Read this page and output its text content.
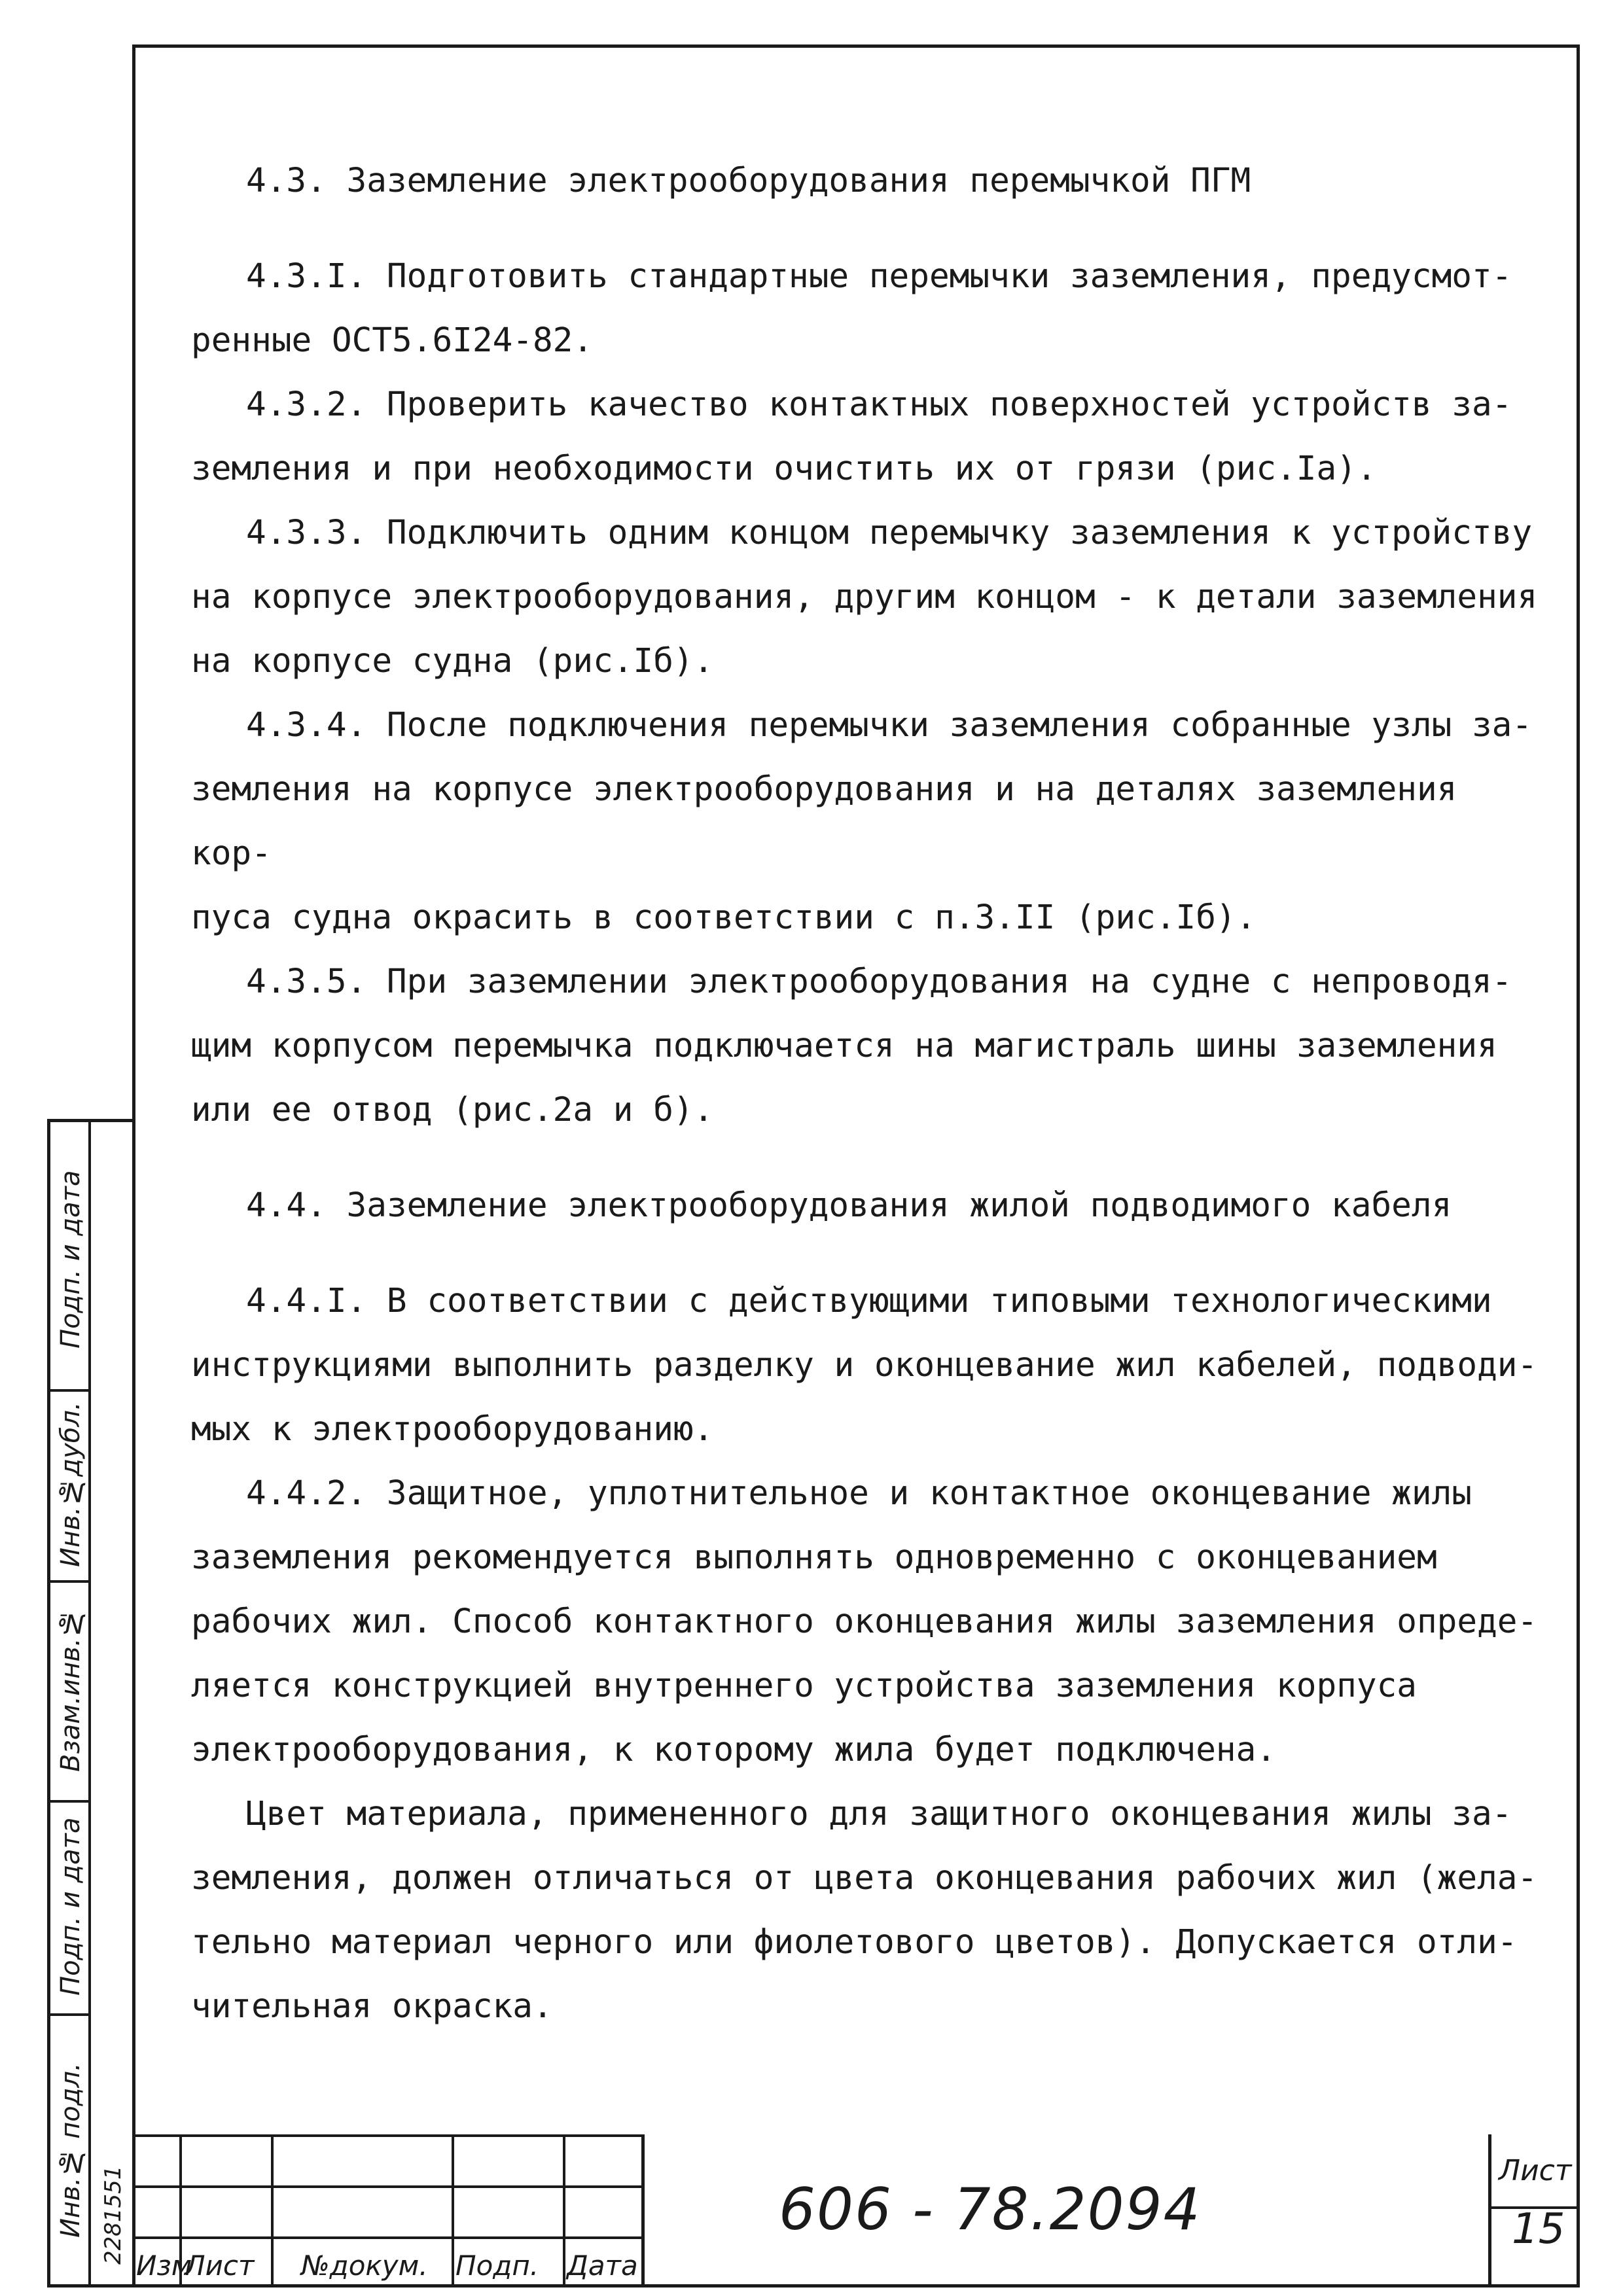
4.3. Заземление электрооборудования перемычкой ПГМ

4.3.I. Подготовить стандартные перемычки заземления, предусмот-

ренные ОСТ5.6I24-82.

4.3.2. Проверить качество контактных поверхностей устройств за-

земления и при необходимости очистить их от грязи (рис.Iа).

4.3.3. Подключить одним концом перемычку заземления к устройству

на корпусе электрооборудования, другим концом - к детали заземления

на корпусе судна (рис.Iб).

4.3.4. После подключения перемычки заземления собранные узлы за-

земления на корпусе электрооборудования и на деталях заземления кор-

пуса судна окрасить в соответствии с п.3.II (рис.Iб).

4.3.5. При заземлении электрооборудования на судне с непроводя-

щим корпусом перемычка подключается на магистраль шины заземления

или ее отвод (рис.2а и б).

4.4. Заземление электрооборудования жилой подводимого кабеля

4.4.I. В соответствии с действующими типовыми технологическими

инструкциями выполнить разделку и оконцевание жил кабелей, подводи-

мых к электрооборудованию.

4.4.2. Защитное, уплотнительное и контактное оконцевание жилы

заземления рекомендуется выполнять одновременно с оконцеванием

рабочих жил. Способ контактного оконцевания жилы заземления опреде-

ляется конструкцией внутреннего устройства заземления корпуса

электрооборудования, к которому жила будет подключена.

Цвет материала, примененного для защитного оконцевания жилы за-

земления, должен отличаться от цвета оконцевания рабочих жил (жела-

тельно материал черного или фиолетового цветов). Допускается отли-

чительная окраска.

Подп. и дата
Инв.№дубл.
Взам.инв.№
Подп. и дата
Инв.№ подл. 2281551
Изм
Лист №докум. Подп. Дата
606 - 78.2094
Лист
15
